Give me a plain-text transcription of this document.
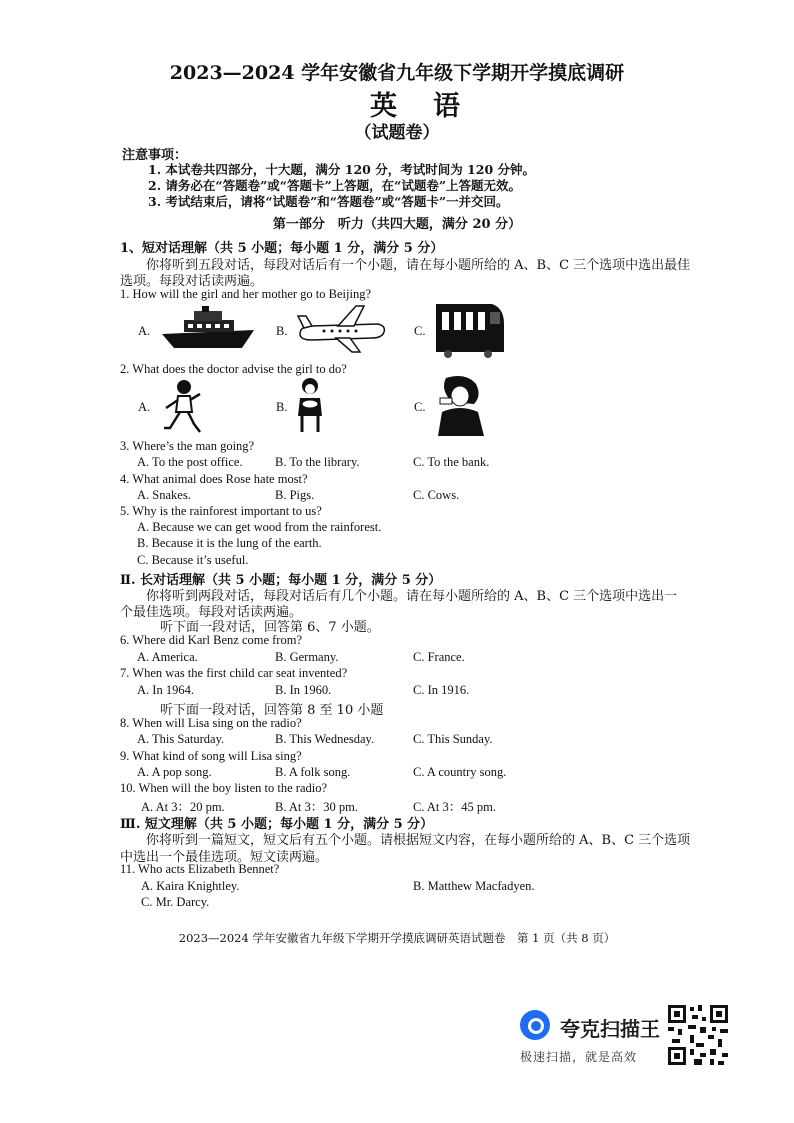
2023—2024 学年安徽省九年级下学期开学摸底调研
英语
（试题卷）
注意事项：
1. 本试卷共四部分，十大题，满分 120 分，考试时间为 120 分钟。
2. 请务必在“答题卷”或“答题卡”上答题，在“试题卷”上答题无效。
3. 考试结束后，请将“试题卷”和“答题卷”或“答题卡”一并交回。
第一部分　听力（共四大题，满分 20 分）
1、短对话理解（共 5 小题；每小题 1 分，满分 5 分）
你将听到五段对话，每段对话后有一个小题，请在每小题所给的 A、B、C 三个选项中选出最佳
选项。每段对话读两遍。
1. How will the girl and her mother go to Beijing?
A.	B.	C.
2. What does the doctor advise the girl to do?
A.	B.	C.
3. Where’s the man going?
A. To the post office.	B. To the library.	C. To the bank.
4. What animal does Rose hate most?
A. Snakes.	B. Pigs.	C. Cows.
5. Why is the rainforest important to us?
A. Because we can get wood from the rainforest.
B. Because it is the lung of the earth.
C. Because it’s useful.
Ⅱ. 长对话理解（共 5 小题；每小题 1 分，满分 5 分）
你将听到两段对话，每段对话后有几个小题。请在每小题所给的 A、B、C 三个选项中选出一
个最佳选项。每段对话读两遍。
听下面一段对话，回答第 6、7 小题。
6. Where did Karl Benz come from?
A. America.	B. Germany.	C. France.
7. When was the first child car seat invented?
A. In 1964.	B. In 1960.	C. In 1916.
听下面一段对话，回答第 8 至 10 小题
8. When will Lisa sing on the radio?
A. This Saturday.	B. This Wednesday.	C. This Sunday.
9. What kind of song will Lisa sing?
A. A pop song.	B. A folk song.	C. A country song.
10. When will the boy listen to the radio?
A. At 3：20 pm.	B. At 3：30 pm.	C. At 3：45 pm.
Ⅲ. 短文理解（共 5 小题；每小题 1 分，满分 5 分）
你将听到一篇短文，短文后有五个小题。请根据短文内容，在每小题所给的 A、B、C 三个选项
中选出一个最佳选项。短文读两遍。
11. Who acts Elizabeth Bennet?
A. Kaira Knightley.	B. Matthew Macfadyen.
C. Mr. Darcy.
2023—2024 学年安徽省九年级下学期开学摸底调研英语试题卷　第 1 页（共 8 页）
夸克扫描王
极速扫描，就是高效
